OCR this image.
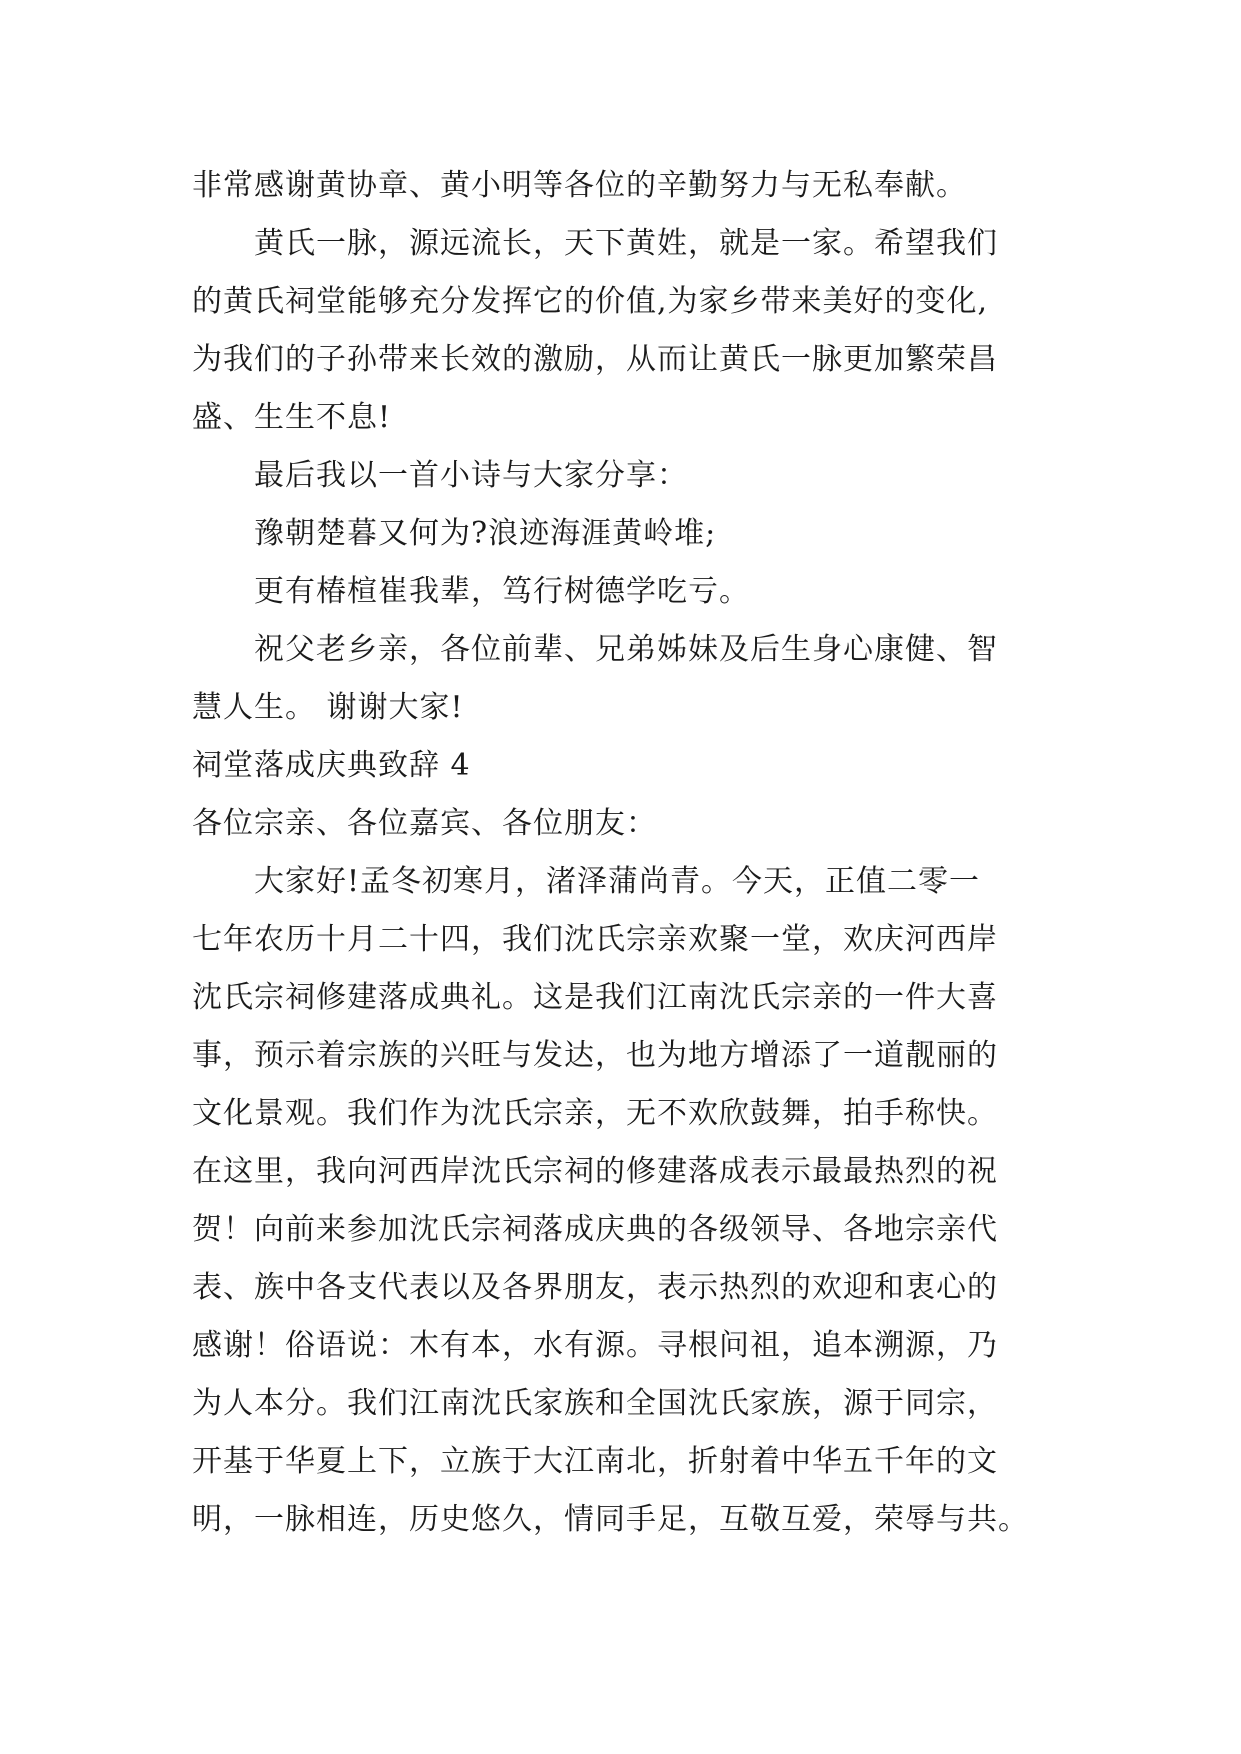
非常感谢黄协章、黄小明等各位的辛勤努力与无私奉献。
黄氏一脉，源远流长，天下黄姓，就是一家。希望我们
的黄氏祠堂能够充分发挥它的价值,为家乡带来美好的变化,
为我们的子孙带来长效的激励，从而让黄氏一脉更加繁荣昌
盛、生生不息!
最后我以一首小诗与大家分享：
豫朝楚暮又何为?浪迹海涯黄岭堆;
更有椿楦崔我辈，笃行树德学吃亏。
祝父老乡亲，各位前辈、兄弟姊妹及后生身心康健、智
慧人生。 谢谢大家!
祠堂落成庆典致辞 4
各位宗亲、各位嘉宾、各位朋友：
大家好!孟冬初寒月，渚泽蒲尚青。今天，正值二零一
七年农历十月二十四，我们沈氏宗亲欢聚一堂，欢庆河西岸
沈氏宗祠修建落成典礼。这是我们江南沈氏宗亲的一件大喜
事，预示着宗族的兴旺与发达，也为地方增添了一道靓丽的
文化景观。我们作为沈氏宗亲，无不欢欣鼓舞，拍手称快。
在这里，我向河西岸沈氏宗祠的修建落成表示最最热烈的祝
贺！向前来参加沈氏宗祠落成庆典的各级领导、各地宗亲代
表、族中各支代表以及各界朋友，表示热烈的欢迎和衷心的
感谢！俗语说：木有本，水有源。寻根问祖，追本溯源，乃
为人本分。我们江南沈氏家族和全国沈氏家族，源于同宗，
开基于华夏上下，立族于大江南北，折射着中华五千年的文
明，一脉相连，历史悠久，情同手足，互敬互爱，荣辱与共。
